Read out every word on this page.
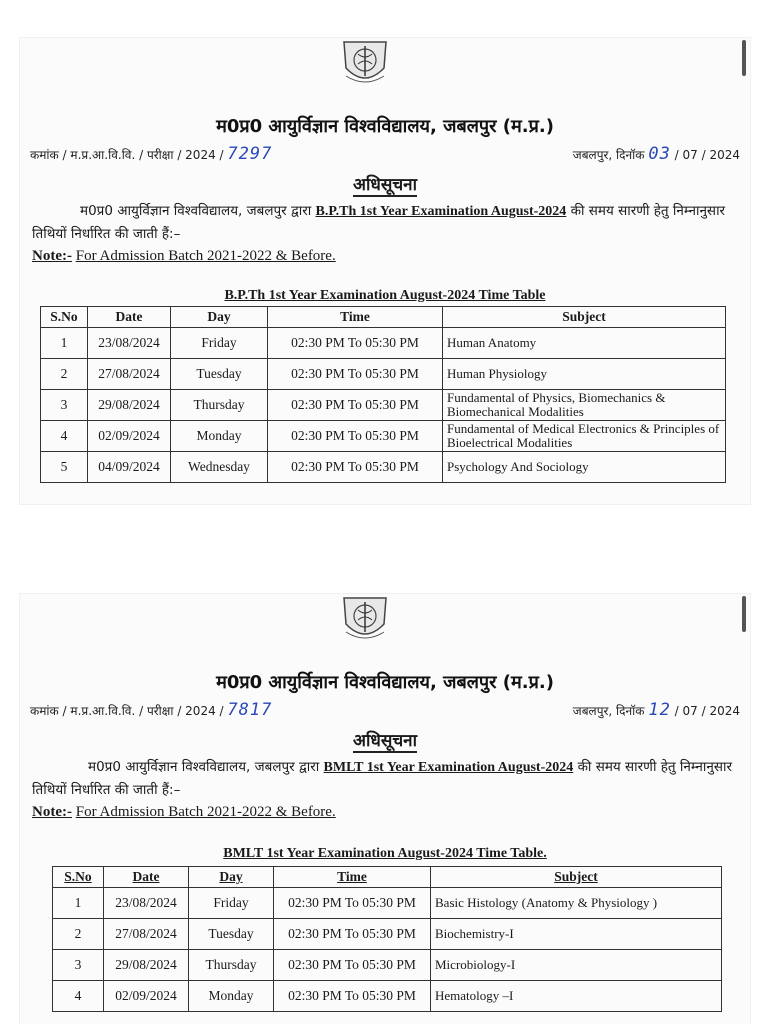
म0प्र0 आयुर्विज्ञान विश्वविद्यालय, जबलपुर (म.प्र.)
कमांक / म.प्र.आ.वि.वि. / परीक्षा / 2024 / 7297	जबलपुर, दिनॉक 03 / 07 / 2024
अधिसूचना
म0प्र0 आयुर्विज्ञान विश्वविद्यालय, जबलपुर द्वारा B.P.Th 1st Year Examination August-2024 की समय सारणी हेतु निम्नानुसार तिथियों निर्धारित की जाती हैं:–
Note:- For Admission Batch 2021-2022 & Before.
B.P.Th 1st Year Examination August-2024 Time Table
S.No	Date	Day	Time	Subject
1	23/08/2024	Friday	02:30 PM To 05:30 PM	Human Anatomy
2	27/08/2024	Tuesday	02:30 PM To 05:30 PM	Human Physiology
3	29/08/2024	Thursday	02:30 PM To 05:30 PM	Fundamental of Physics, Biomechanics & Biomechanical Modalities
4	02/09/2024	Monday	02:30 PM To 05:30 PM	Fundamental of Medical Electronics & Principles of Bioelectrical Modalities
5	04/09/2024	Wednesday	02:30 PM To 05:30 PM	Psychology And Sociology
म0प्र0 आयुर्विज्ञान विश्वविद्यालय, जबलपुर (म.प्र.)
कमांक / म.प्र.आ.वि.वि. / परीक्षा / 2024 / 7817	जबलपुर, दिनॉक 12 / 07 / 2024
अधिसूचना
म0प्र0 आयुर्विज्ञान विश्वविद्यालय, जबलपुर द्वारा BMLT 1st Year Examination August-2024 की समय सारणी हेतु निम्नानुसार तिथियों निर्धारित की जाती हैं:–
Note:- For Admission Batch 2021-2022 & Before.
BMLT 1st Year Examination August-2024 Time Table.
S.No	Date	Day	Time	Subject
1	23/08/2024	Friday	02:30 PM To 05:30 PM	Basic Histology (Anatomy & Physiology )
2	27/08/2024	Tuesday	02:30 PM To 05:30 PM	Biochemistry-I
3	29/08/2024	Thursday	02:30 PM To 05:30 PM	Microbiology-I
4	02/09/2024	Monday	02:30 PM To 05:30 PM	Hematology –I
